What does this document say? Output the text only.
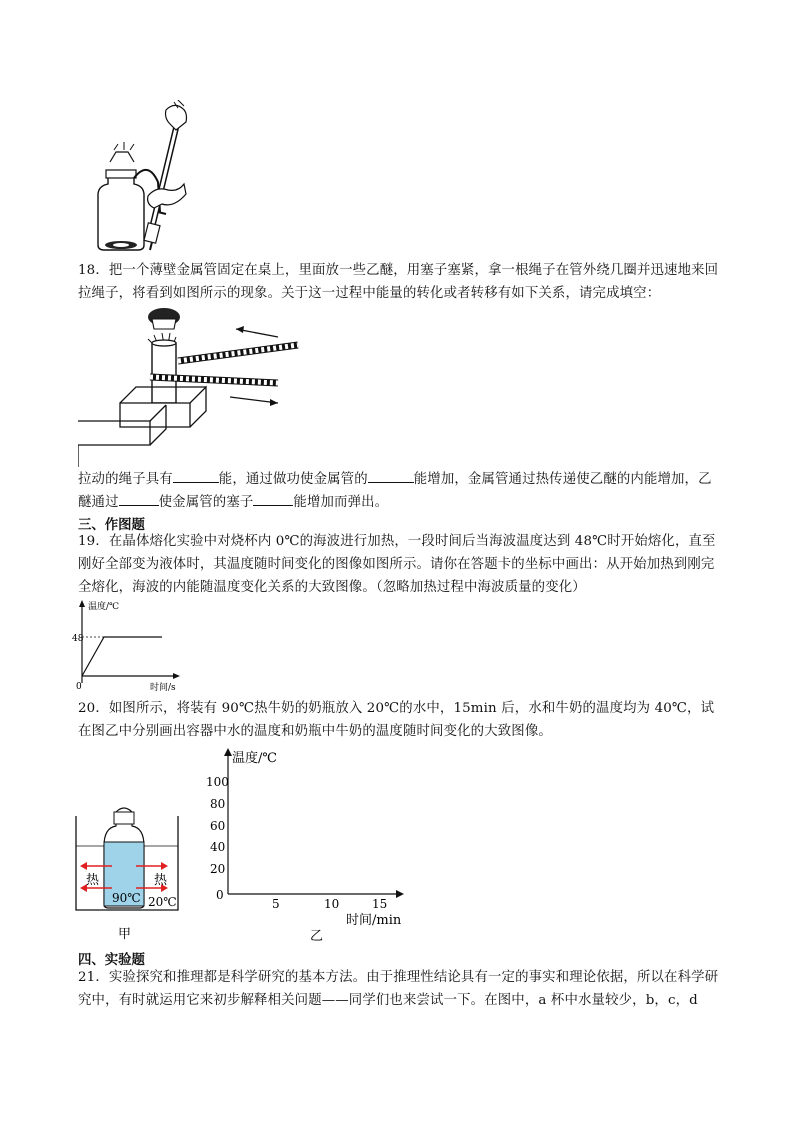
18．把一个薄壁金属管固定在桌上，里面放一些乙醚，用塞子塞紧，拿一根绳子在管外绕几圈并迅速地来回拉绳子，将看到如图所示的现象。关于这一过程中能量的转化或者转移有如下关系，请完成填空：
拉动的绳子具有	能，通过做功使金属管的	能增加，金属管通过热传递使乙醚的内能增加，乙醚通过	使金属管的塞子	能增加而弹出。
三、作图题
19．在晶体熔化实验中对烧杯内 0℃的海波进行加热，一段时间后当海波温度达到 48℃时开始熔化，直至刚好全部变为液体时，其温度随时间变化的图像如图所示。请你在答题卡的坐标中画出：从开始加热到刚完全熔化，海波的内能随温度变化关系的大致图像。（忽略加热过程中海波质量的变化）
温度/℃
时间/s
48
0
20．如图所示，将装有 90℃热牛奶的奶瓶放入 20℃的水中，15min 后，水和牛奶的温度均为 40℃，试在图乙中分别画出容器中水的温度和奶瓶中牛奶的温度随时间变化的大致图像。
热	热
90℃ 20℃
甲
温度/℃
100
80
60
40
20
0
5	10	15
时间/min
乙
四、实验题
21．实验探究和推理都是科学研究的基本方法。由于推理性结论具有一定的事实和理论依据，所以在科学研究中，有时就运用它来初步解释相关问题——同学们也来尝试一下。在图中，a 杯中水量较少，b，c，d
